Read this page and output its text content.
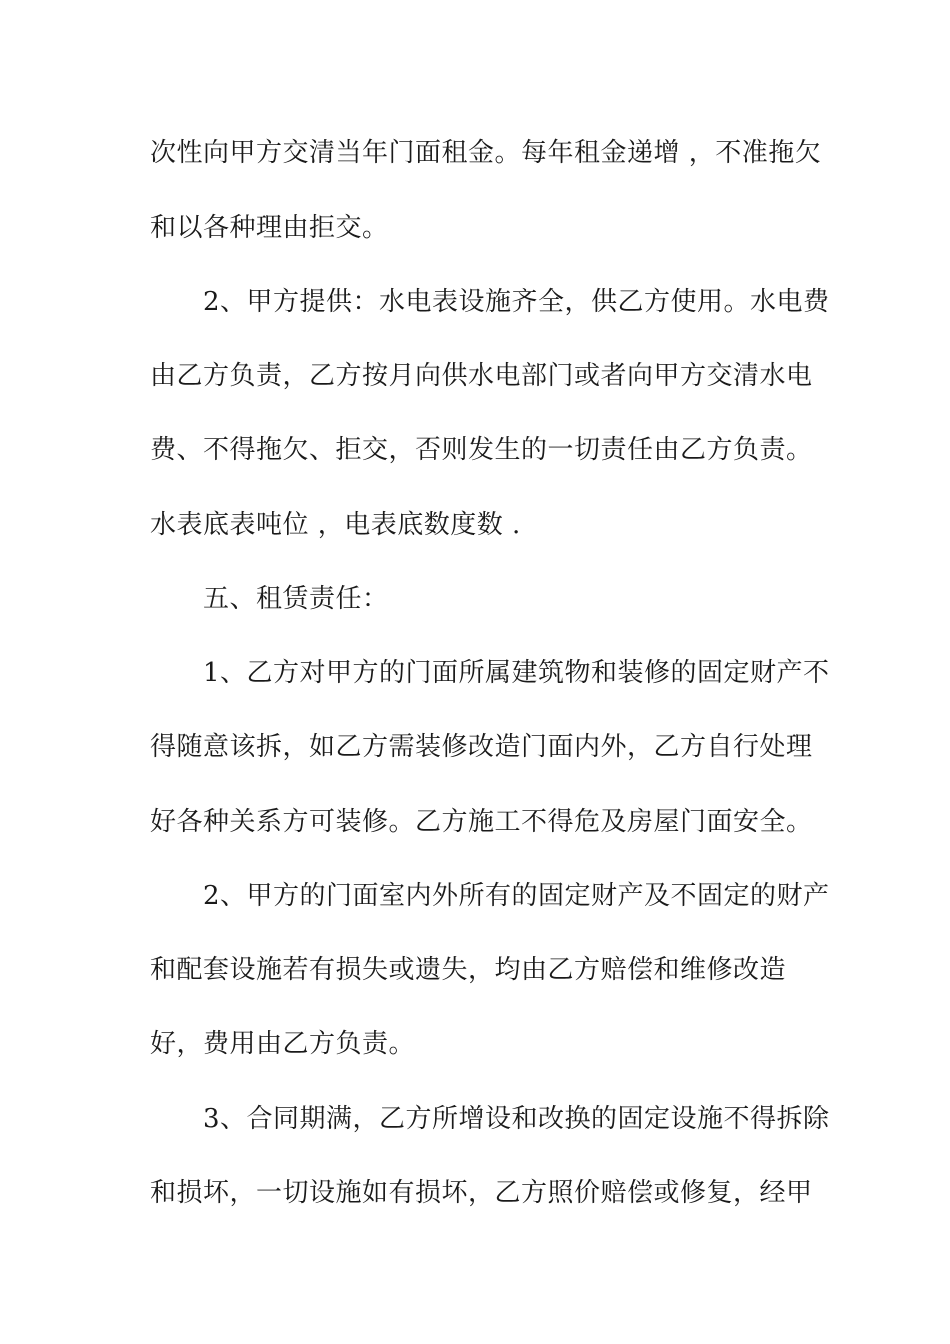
次性向甲方交清当年门面租金。每年租金递增 ，不准拖欠

和以各种理由拒交。

2、甲方提供：水电表设施齐全，供乙方使用。水电费

由乙方负责，乙方按月向供水电部门或者向甲方交清水电

费、不得拖欠、拒交，否则发生的一切责任由乙方负责。

水表底表吨位 ，电表底数度数 .

五、租赁责任：

1、乙方对甲方的门面所属建筑物和装修的固定财产不

得随意该拆，如乙方需装修改造门面内外，乙方自行处理

好各种关系方可装修。乙方施工不得危及房屋门面安全。

2、甲方的门面室内外所有的固定财产及不固定的财产

和配套设施若有损失或遗失，均由乙方赔偿和维修改造

好，费用由乙方负责。

3、合同期满，乙方所增设和改换的固定设施不得拆除

和损坏，一切设施如有损坏，乙方照价赔偿或修复，经甲
